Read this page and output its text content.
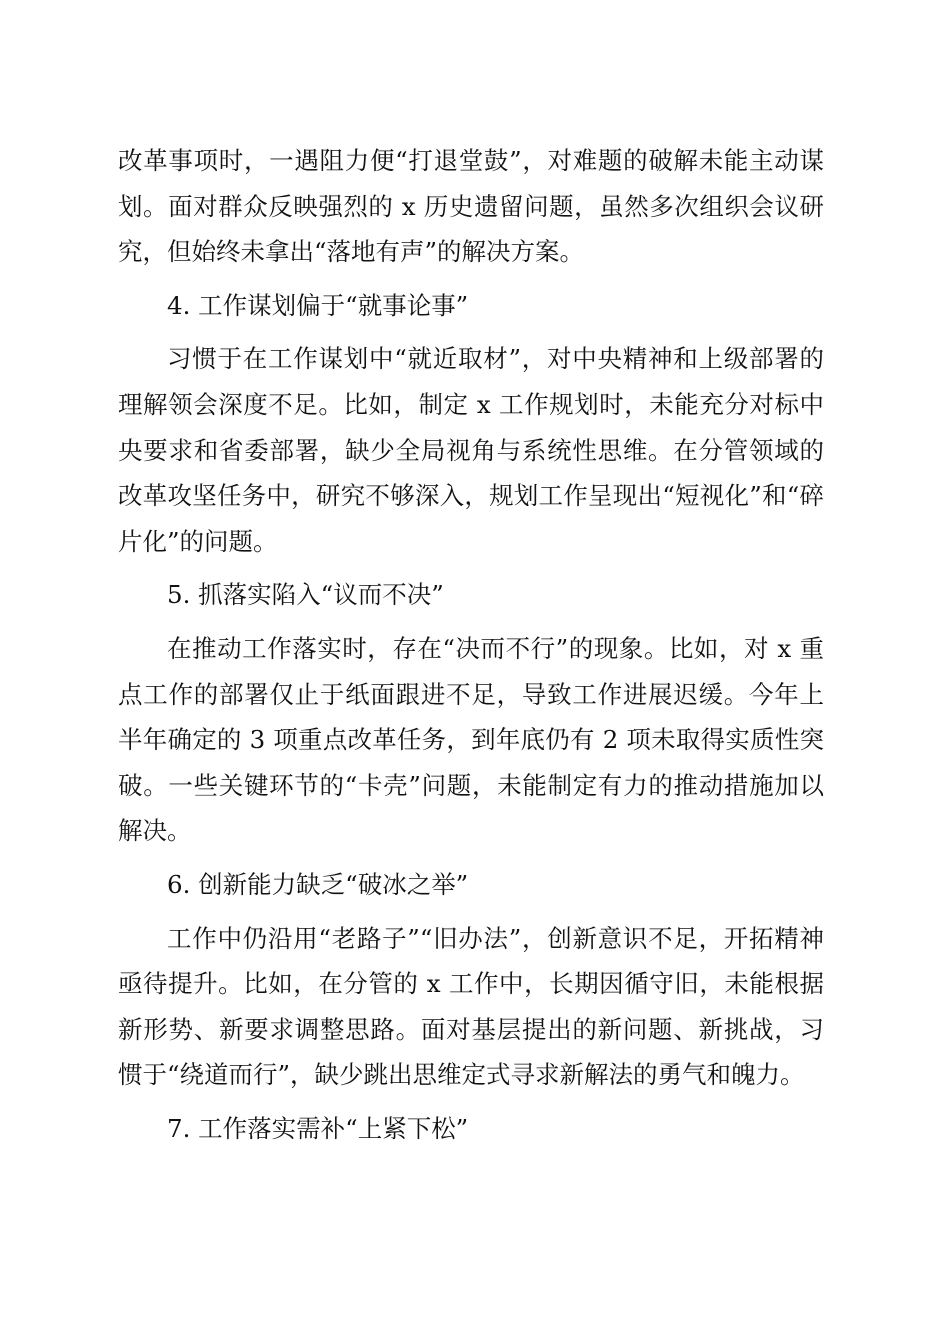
改革事项时，一遇阻力便“打退堂鼓”，对难题的破解未能主动谋划。面对群众反映强烈的 x 历史遗留问题，虽然多次组织会议研究，但始终未拿出“落地有声”的解决方案。

4. 工作谋划偏于“就事论事”

习惯于在工作谋划中“就近取材”，对中央精神和上级部署的理解领会深度不足。比如，制定 x 工作规划时，未能充分对标中央要求和省委部署，缺少全局视角与系统性思维。在分管领域的改革攻坚任务中，研究不够深入，规划工作呈现出“短视化”和“碎片化”的问题。

5. 抓落实陷入“议而不决”

在推动工作落实时，存在“决而不行”的现象。比如，对 x 重点工作的部署仅止于纸面跟进不足，导致工作进展迟缓。今年上半年确定的 3 项重点改革任务，到年底仍有 2 项未取得实质性突破。一些关键环节的“卡壳”问题，未能制定有力的推动措施加以解决。

6. 创新能力缺乏“破冰之举”

工作中仍沿用“老路子”“旧办法”，创新意识不足，开拓精神亟待提升。比如，在分管的 x 工作中，长期因循守旧，未能根据新形势、新要求调整思路。面对基层提出的新问题、新挑战，习惯于“绕道而行”，缺少跳出思维定式寻求新解法的勇气和魄力。

7. 工作落实需补“上紧下松”
